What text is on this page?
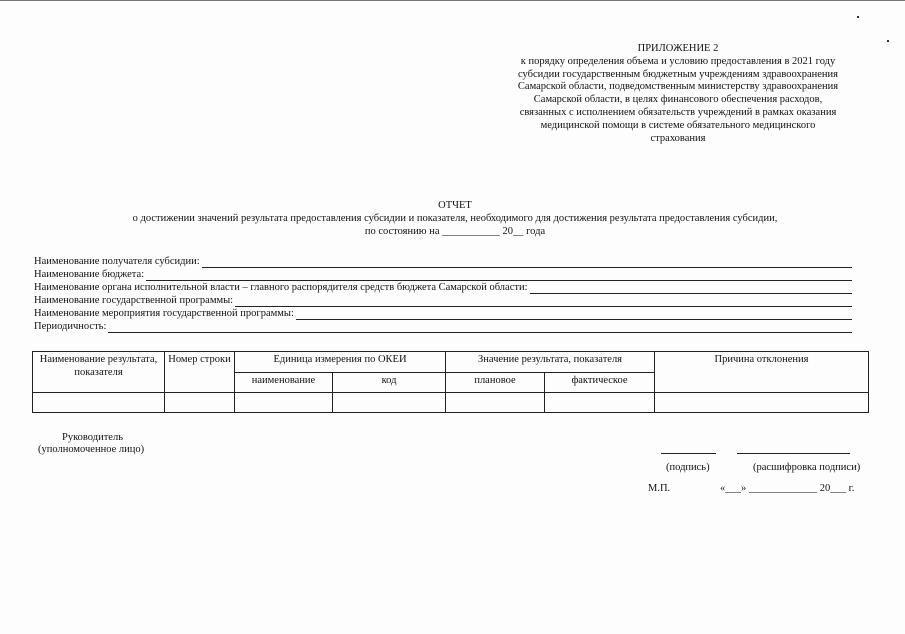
ПРИЛОЖЕНИЕ 2
к порядку определения объема и условию предоставления в 2021 году
субсидии государственным бюджетным учреждениям здравоохранения
Самарской области, подведомственным министерству здравоохранения
Самарской области, в целях финансового обеспечения расходов,
связанных с исполнением обязательств учреждений в рамках оказания
медицинской помощи в системе обязательного медицинского
страхования
ОТЧЕТ
о достижении значений результата предоставления субсидии и показателя, необходимого для достижения результата предоставления субсидии,
по состоянию на ___________ 20__ года
Наименование получателя субсидии:
Наименование бюджета:
Наименование органа исполнительной власти – главного распорядителя средств бюджета Самарской области:
Наименование государственной программы:
Наименование мероприятия государственной программы:
Периодичность:
Наименование результата, показателя	Номер строки	Единица измерения по ОКЕИ		Значение результата, показателя		Причина отклонения
		наименование	код	плановое	фактическое	

Руководитель
(уполномоченное лицо)
(подпись)	(расшифровка подписи)
М.П.	«___» _____________ 20___ г.
